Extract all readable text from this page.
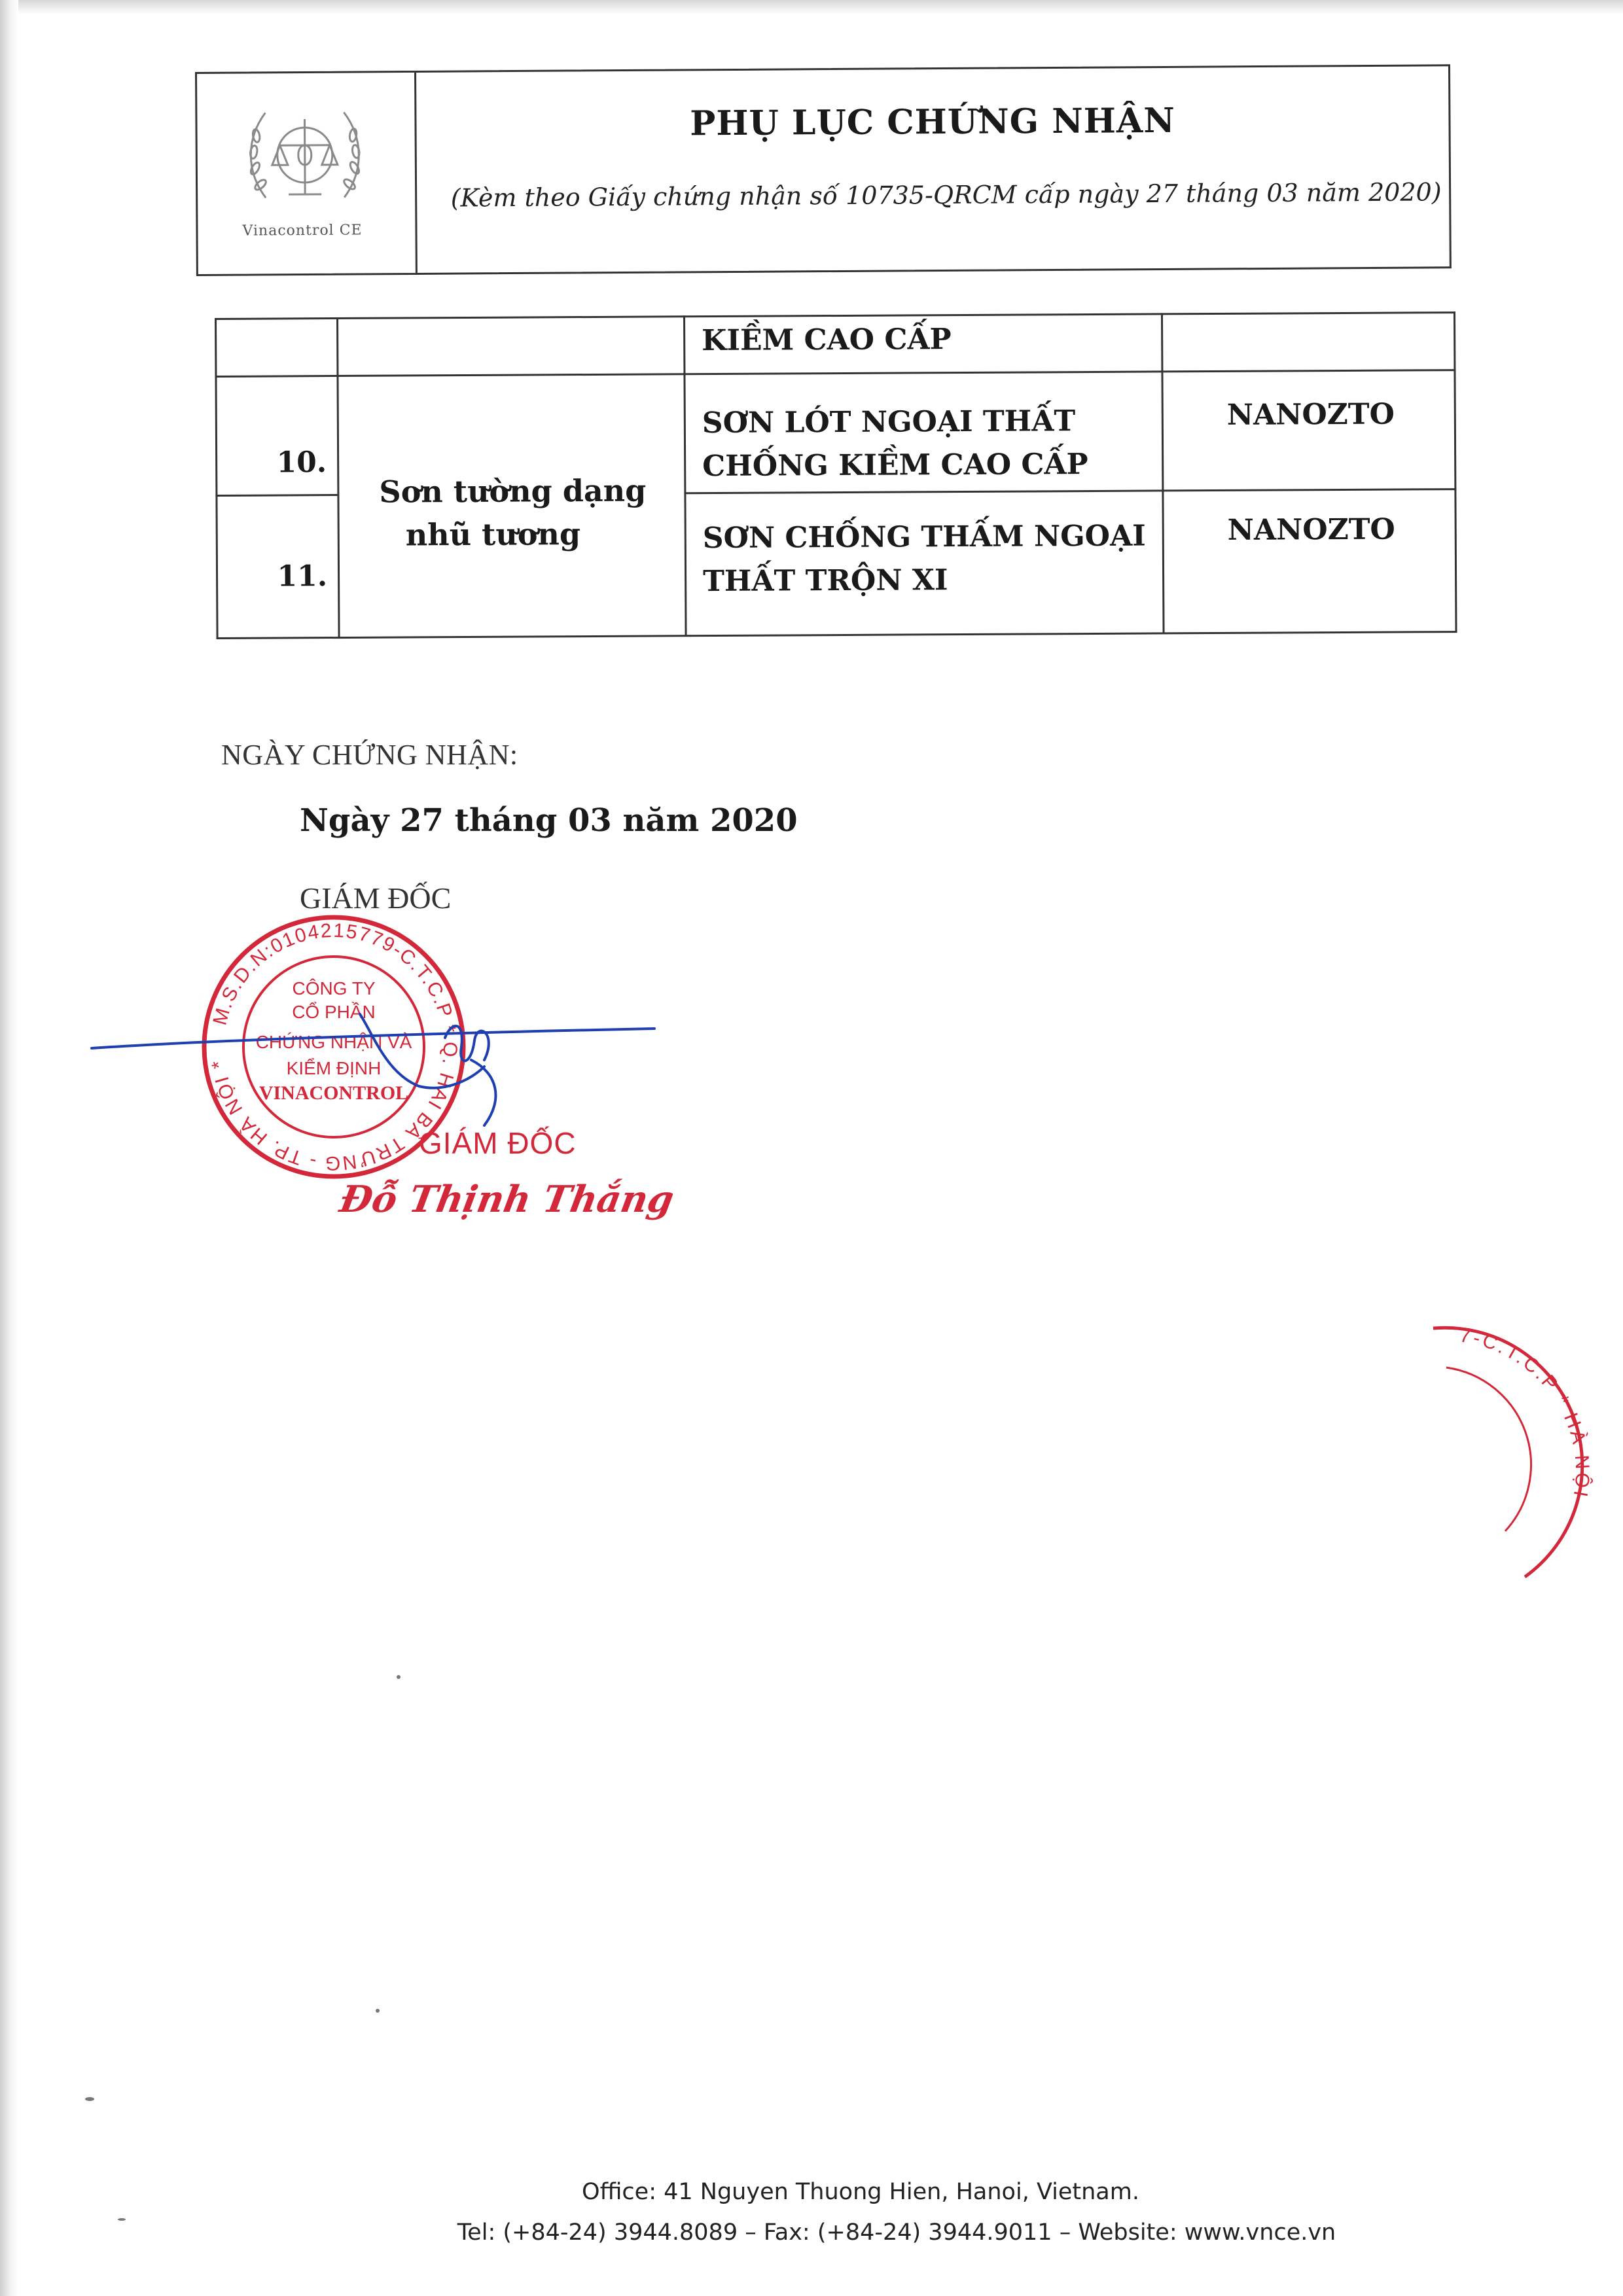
Vinacontrol CE
PHỤ LỤC CHỨNG NHẬN
(Kèm theo Giấy chứng nhận số 10735-QRCM cấp ngày 27 tháng 03 năm 2020)
KIỀM CAO CẤP
Sơn tường dạng
nhũ tương
10.
SƠN LÓT NGOẠI THẤT
CHỐNG KIỀM CAO CẤP
NANOZTO
11.
SƠN CHỐNG THẤM NGOẠI
THẤT TRỘN XI
NANOZTO
NGÀY CHỨNG NHẬN:
Ngày 27 tháng 03 năm 2020
GIÁM ĐỐC
M.S.D.N:0104215779-C.T.C.P * Q. HAI BÀ TRƯNG - TP. HÀ NỘI *
CÔNG TY
CỔ PHẦN
CHỨNG NHẬN VÀ
KIỂM ĐỊNH
VINACONTROL
GIÁM ĐỐC
Đỗ Thịnh Thắng
7-C.T.C.P * HÀ NỘI
Office: 41 Nguyen Thuong Hien, Hanoi, Vietnam.
Tel: (+84-24) 3944.8089 – Fax: (+84-24) 3944.9011 – Website: www.vnce.vn
